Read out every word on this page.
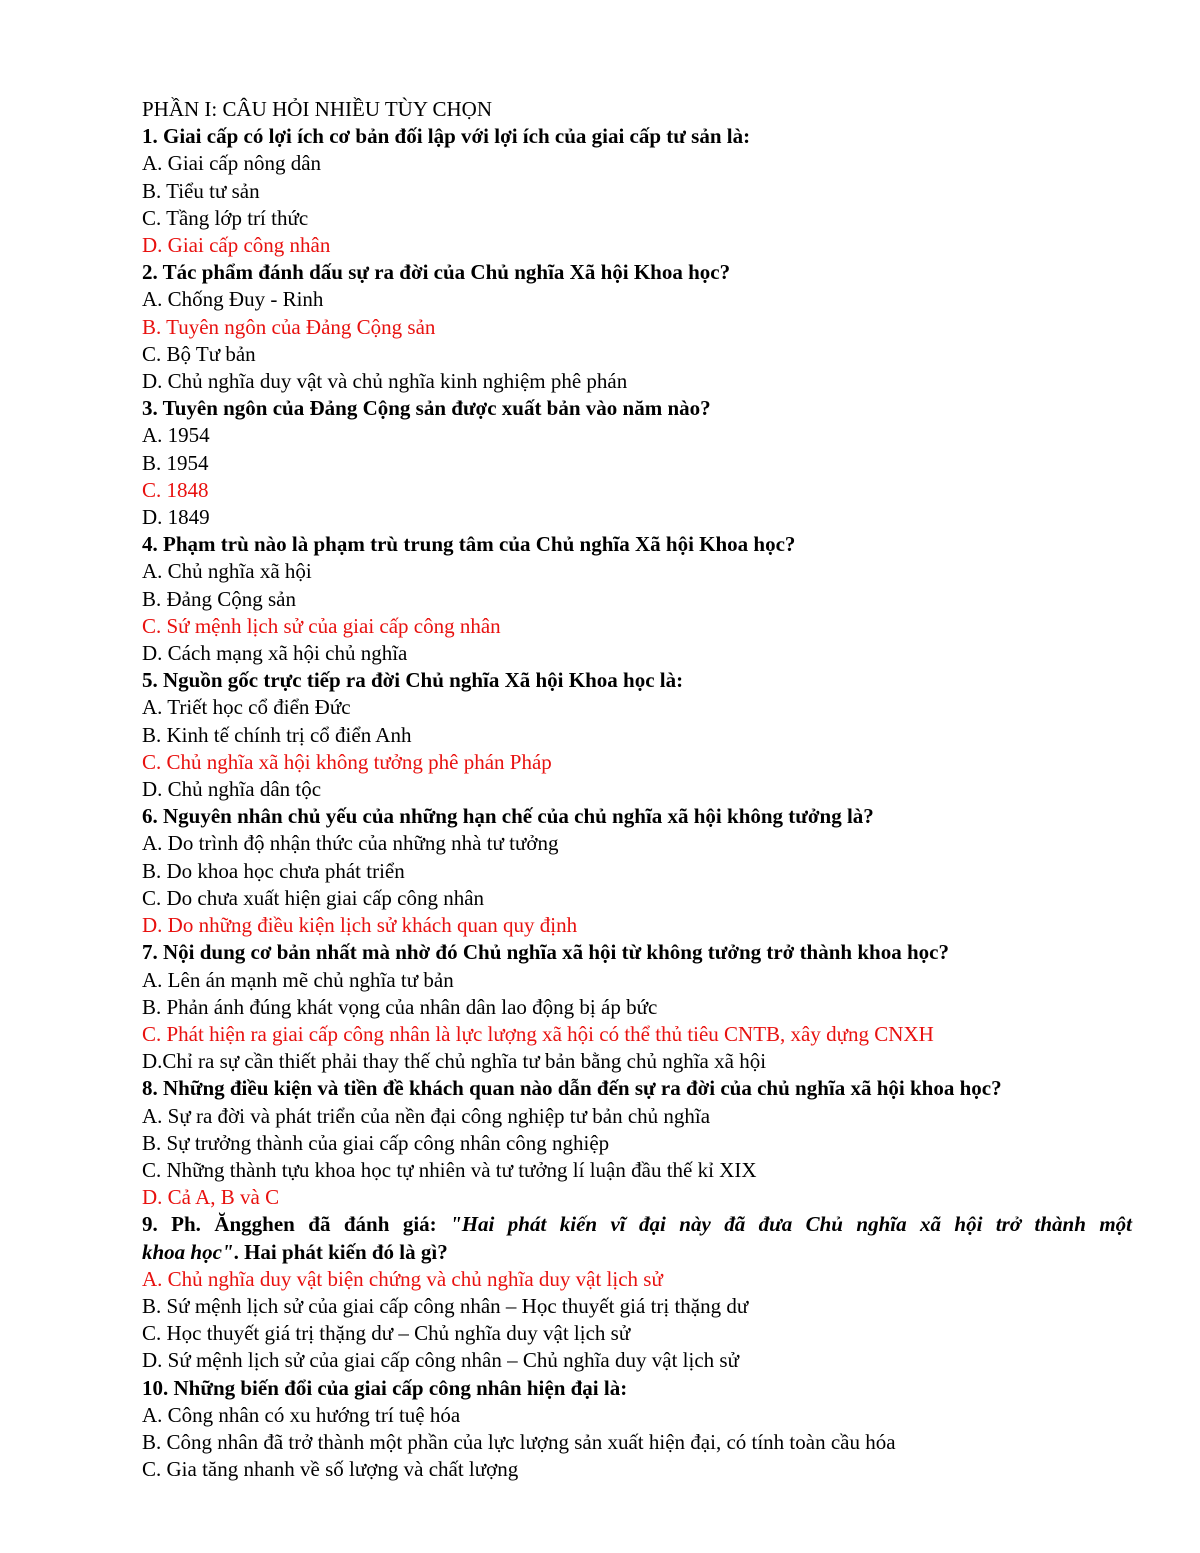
PHẦN I: CÂU HỎI NHIỀU TÙY CHỌN
1. Giai cấp có lợi ích cơ bản đối lập với lợi ích của giai cấp tư sản là:
A. Giai cấp nông dân
B. Tiểu tư sản
C. Tầng lớp trí thức
D. Giai cấp công nhân
2. Tác phẩm đánh dấu sự ra đời của Chủ nghĩa Xã hội Khoa học?
A. Chống Đuy - Rinh
B. Tuyên ngôn của Đảng Cộng sản
C. Bộ Tư bản
D. Chủ nghĩa duy vật và chủ nghĩa kinh nghiệm phê phán
3. Tuyên ngôn của Đảng Cộng sản được xuất bản vào năm nào?
A. 1954
B. 1954
C. 1848
D. 1849
4. Phạm trù nào là phạm trù trung tâm của Chủ nghĩa Xã hội Khoa học?
A. Chủ nghĩa xã hội
B. Đảng Cộng sản
C. Sứ mệnh lịch sử của giai cấp công nhân
D. Cách mạng xã hội chủ nghĩa
5. Nguồn gốc trực tiếp ra đời Chủ nghĩa Xã hội Khoa học là:
A. Triết học cổ điển Đức
B. Kinh tế chính trị cổ điển Anh
C. Chủ nghĩa xã hội không tưởng phê phán Pháp
D. Chủ nghĩa dân tộc
6. Nguyên nhân chủ yếu của những hạn chế của chủ nghĩa xã hội không tưởng là?
A. Do trình độ nhận thức của những nhà tư tưởng
B. Do khoa học chưa phát triển
C. Do chưa xuất hiện giai cấp công nhân
D. Do những điều kiện lịch sử khách quan quy định
7. Nội dung cơ bản nhất mà nhờ đó Chủ nghĩa xã hội từ không tưởng trở thành khoa học?
A. Lên án mạnh mẽ chủ nghĩa tư bản
B. Phản ánh đúng khát vọng của nhân dân lao động bị áp bức
C. Phát hiện ra giai cấp công nhân là lực lượng xã hội có thể thủ tiêu CNTB, xây dựng CNXH
D.Chỉ ra sự cần thiết phải thay thế chủ nghĩa tư bản bằng chủ nghĩa xã hội
8. Những điều kiện và tiền đề khách quan nào dẫn đến sự ra đời của chủ nghĩa xã hội khoa học?
A. Sự ra đời và phát triển của nền đại công nghiệp tư bản chủ nghĩa
B. Sự trưởng thành của giai cấp công nhân công nghiệp
C. Những thành tựu khoa học tự nhiên và tư tưởng lí luận đầu thế kỉ XIX
D. Cả A, B và C
9. Ph. Ăngghen đã đánh giá: "Hai phát kiến vĩ đại này đã đưa Chủ nghĩa xã hội trở thành một
khoa học". Hai phát kiến đó là gì?
A. Chủ nghĩa duy vật biện chứng và chủ nghĩa duy vật lịch sử
B. Sứ mệnh lịch sử của giai cấp công nhân – Học thuyết giá trị thặng dư
C. Học thuyết giá trị thặng dư – Chủ nghĩa duy vật lịch sử
D. Sứ mệnh lịch sử của giai cấp công nhân – Chủ nghĩa duy vật lịch sử
10. Những biến đổi của giai cấp công nhân hiện đại là:
A. Công nhân có xu hướng trí tuệ hóa
B. Công nhân đã trở thành một phần của lực lượng sản xuất hiện đại, có tính toàn cầu hóa
C. Gia tăng nhanh về số lượng và chất lượng
